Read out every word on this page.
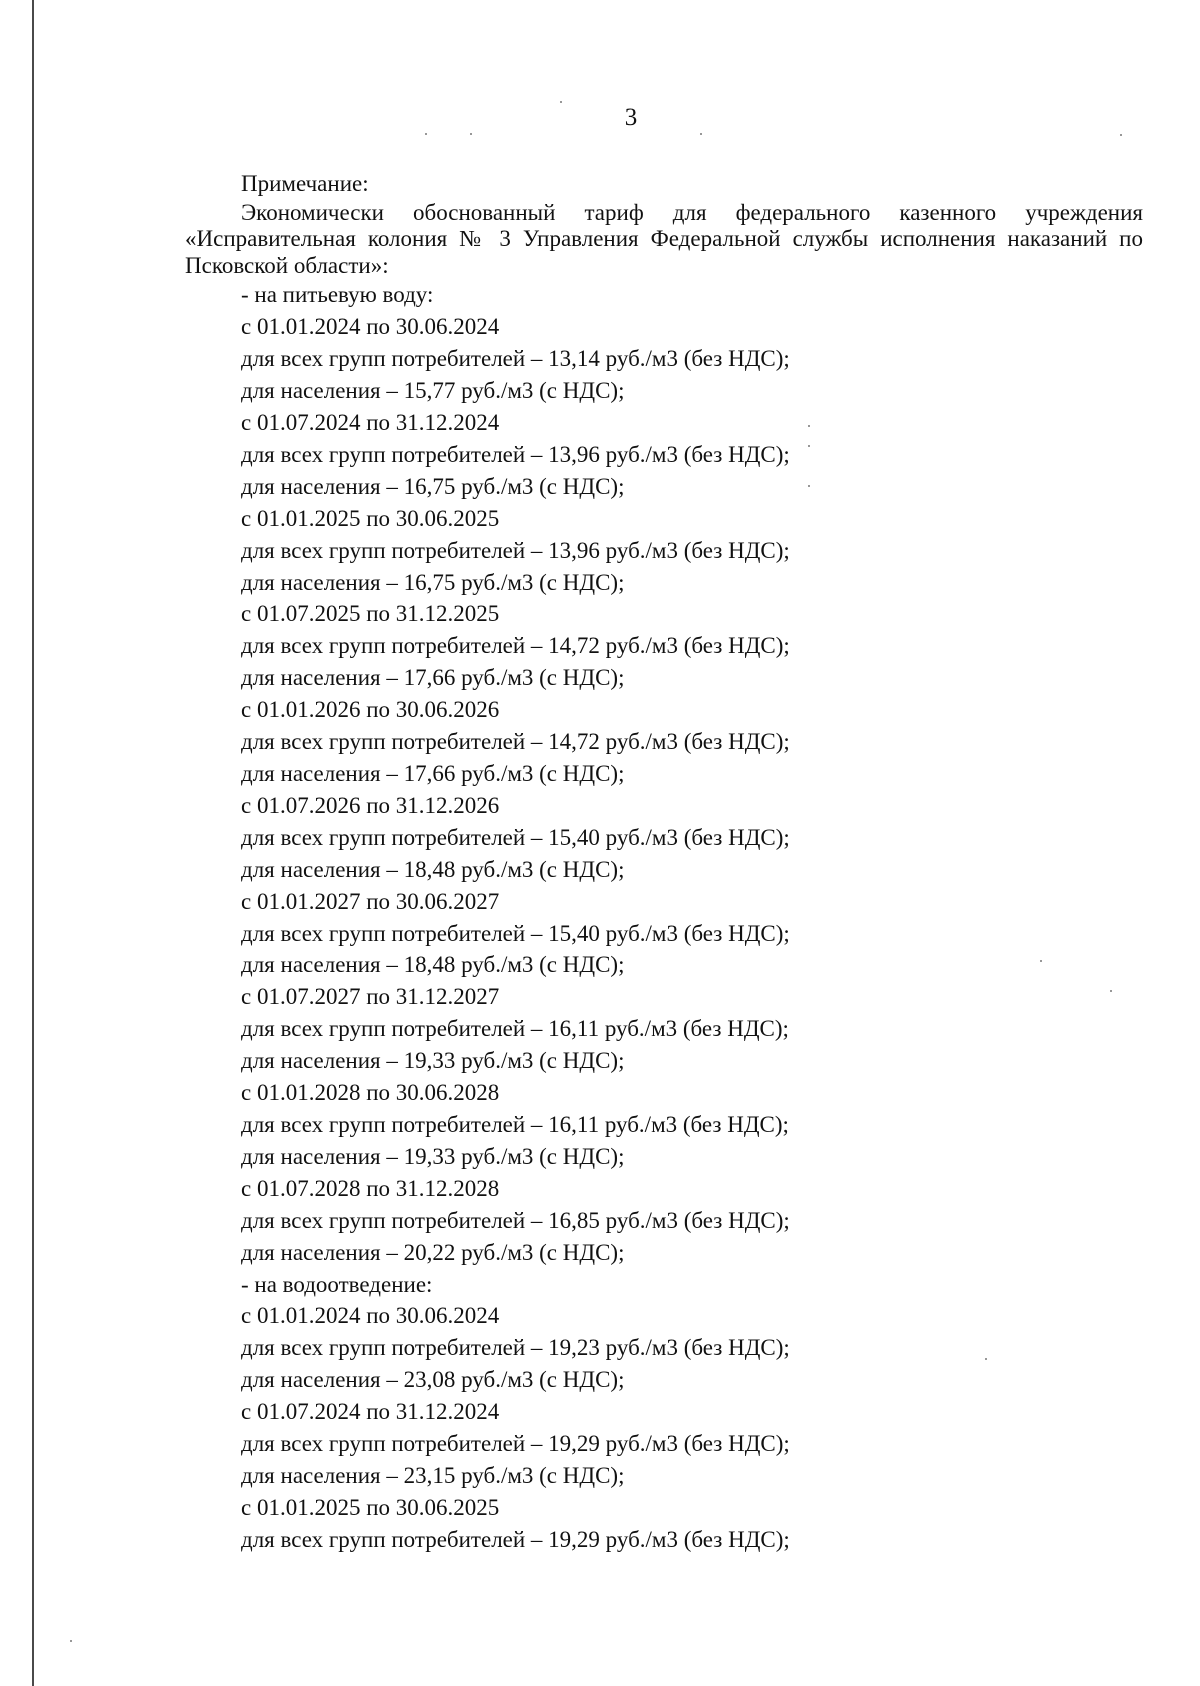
3
Примечание:
Экономически обоснованный тариф для федерального казенного учреждения «Исправительная колония № 3 Управления Федеральной службы исполнения наказаний по Псковской области»:
- на питьевую воду:
с 01.01.2024 по 30.06.2024
для всех групп потребителей – 13,14 руб./м3 (без НДС);
для населения – 15,77 руб./м3 (с НДС);
с 01.07.2024 по 31.12.2024
для всех групп потребителей – 13,96 руб./м3 (без НДС);
для населения – 16,75 руб./м3 (с НДС);
с 01.01.2025 по 30.06.2025
для всех групп потребителей – 13,96 руб./м3 (без НДС);
для населения – 16,75 руб./м3 (с НДС);
с 01.07.2025 по 31.12.2025
для всех групп потребителей – 14,72 руб./м3 (без НДС);
для населения – 17,66 руб./м3 (с НДС);
с 01.01.2026 по 30.06.2026
для всех групп потребителей – 14,72 руб./м3 (без НДС);
для населения – 17,66 руб./м3 (с НДС);
с 01.07.2026 по 31.12.2026
для всех групп потребителей – 15,40 руб./м3 (без НДС);
для населения – 18,48 руб./м3 (с НДС);
с 01.01.2027 по 30.06.2027
для всех групп потребителей – 15,40 руб./м3 (без НДС);
для населения – 18,48 руб./м3 (с НДС);
с 01.07.2027 по 31.12.2027
для всех групп потребителей – 16,11 руб./м3 (без НДС);
для населения – 19,33 руб./м3 (с НДС);
с 01.01.2028 по 30.06.2028
для всех групп потребителей – 16,11 руб./м3 (без НДС);
для населения – 19,33 руб./м3 (с НДС);
с 01.07.2028 по 31.12.2028
для всех групп потребителей – 16,85 руб./м3 (без НДС);
для населения – 20,22 руб./м3 (с НДС);
- на водоотведение:
с 01.01.2024 по 30.06.2024
для всех групп потребителей – 19,23 руб./м3 (без НДС);
для населения – 23,08 руб./м3 (с НДС);
с 01.07.2024 по 31.12.2024
для всех групп потребителей – 19,29 руб./м3 (без НДС);
для населения – 23,15 руб./м3 (с НДС);
с 01.01.2025 по 30.06.2025
для всех групп потребителей – 19,29 руб./м3 (без НДС);
